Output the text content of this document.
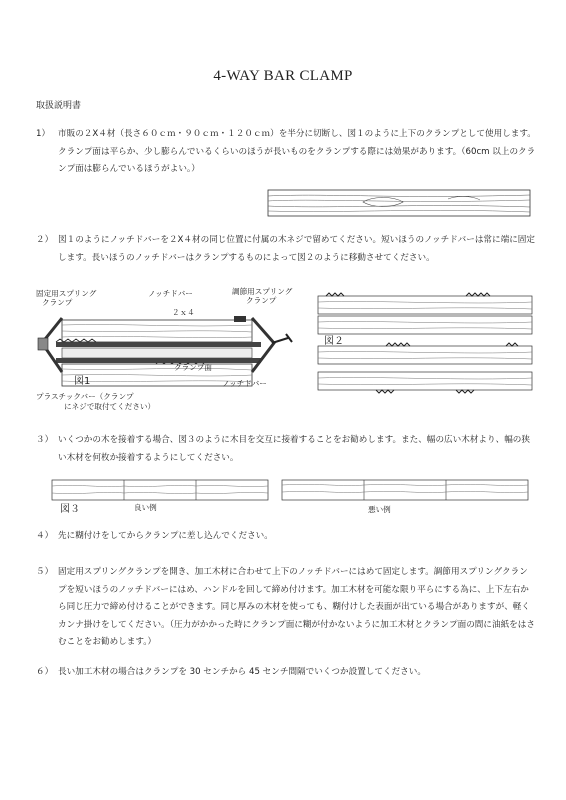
4-WAY BAR CLAMP
取扱説明書
1） 市販の２X４材（長さ６０ｃｍ・９０ｃｍ・１２０ｃｍ）を半分に切断し、図１のように上下のクランプとして使用します。クランプ面は平らか、少し膨らんでいるくらいのほうが長いものをクランプする際には効果があります。（60cm 以上のクランプ面は膨らんでいるほうがよい。）
２） 図１のようにノッチドバーを２X４材の同じ位置に付属の木ネジで留めてください。短いほうのノッチドバーは常に端に固定します。長いほうのノッチドバーはクランプするものによって図２のように移動させてください。
固定用スプリング
クランプ
ノッチドバー	調節用スプリング
クランプ
２ｘ４
図1
クランプ面
ノッチドバー
プラスチックバー（クランプ
にネジで取付てください）
図２
３） いくつかの木を接着する場合、図３のように木目を交互に接着することをお勧めします。また、幅の広い木材より、幅の狭い木材を何枚か接着するようにしてください。
図３	良い例	悪い例
４） 先に糊付けをしてからクランプに差し込んでください。
５） 固定用スプリングクランプを開き、加工木材に合わせて上下のノッチドバーにはめて固定します。調節用スプリングクランプを短いほうのノッチドバーにはめ、ハンドルを回して締め付けます。加工木材を可能な限り平らにする為に、上下左右から同じ圧力で締め付けることができます。同じ厚みの木材を使っても、糊付けした表面が出ている場合がありますが、軽くカンナ掛けをしてください。（圧力がかかった時にクランプ面に糊が付かないように加工木材とクランプ面の間に油紙をはさむことをお勧めします。）
６） 長い加工木材の場合はクランプを 30 センチから 45 センチ間隔でいくつか設置してください。
